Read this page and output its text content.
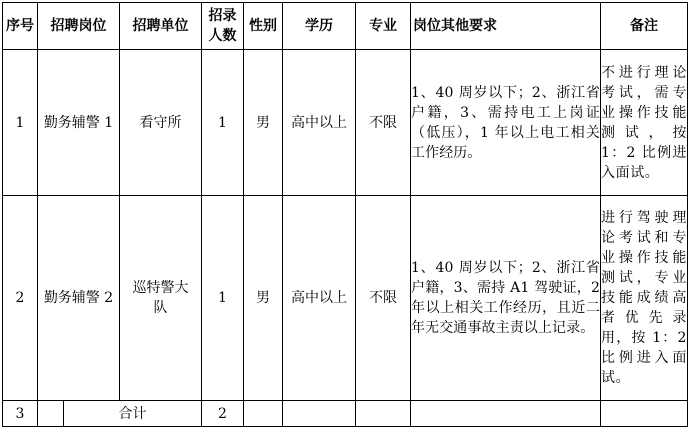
序号	招聘岗位		招聘单位	招录人数	性别	学历	专业	岗位其他要求	备注
1	勤务辅警 1		看守所	1	男	高中以上	不限	1、40 周岁以下；2、浙江省户籍，3、需持电工上岗证（低压），1 年以上电工相关工作经历。	不进行理论考试，需专业操作技能测试，按 1：2 比例进入面试。
2	勤务辅警 2		巡特警大队	1	男	高中以上	不限	1、40 周岁以下；2、浙江省户籍，3、需持 A1 驾驶证，2 年以上相关工作经历，且近二年无交通事故主责以上记录。	进行驾驶理论考试和专业操作技能测试，专业技能成绩高者优先录用，按 1：2 比例进入面试。
3		合计		2					
